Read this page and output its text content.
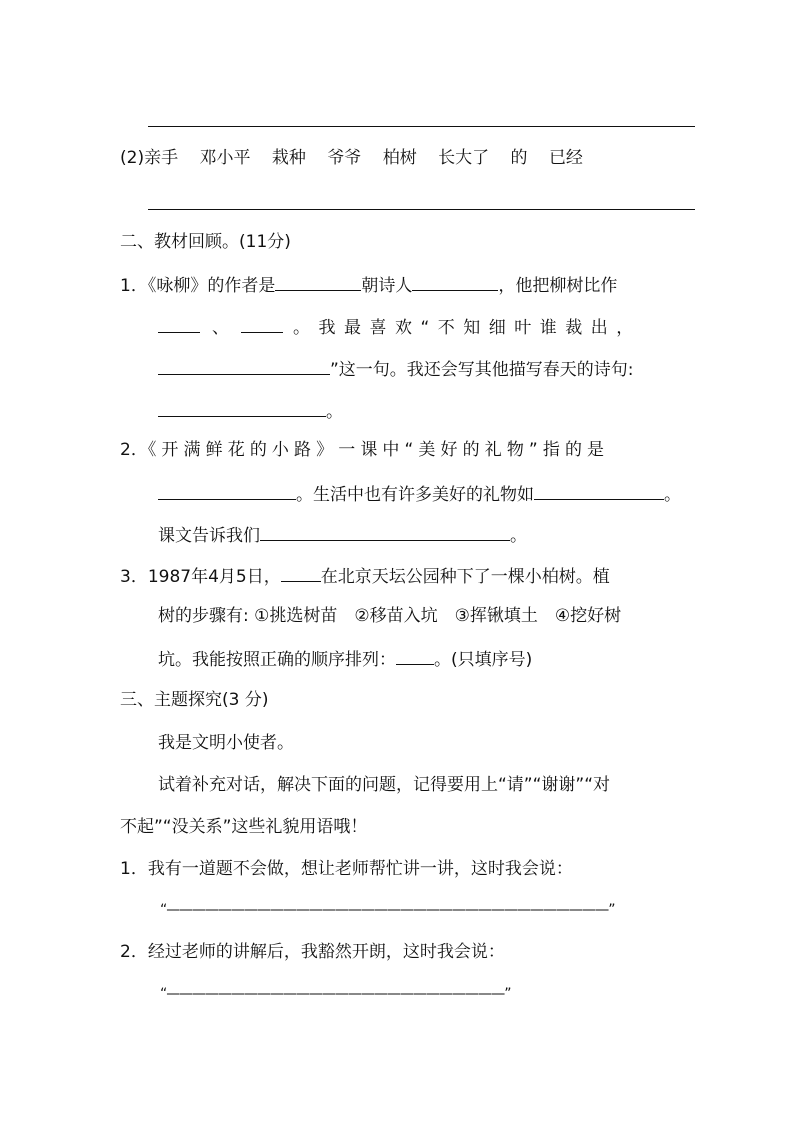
(2)亲手 邓小平 栽种 爷爷 柏树 长大了 的 已经
二、教材回顾。(11分)
1．《咏柳》的作者是	朝诗人	，他把柳树比作
、	。我最喜欢“不知细叶谁裁出，
”这一句。我还会写其他描写春天的诗句:
。
2．《开满鲜花的小路》一课中“美好的礼物”指的是
。生活中也有许多美好的礼物如	。
课文告诉我们	。
3．1987年4月5日， 在北京天坛公园种下了一棵小柏树。植
树的步骤有: ①挑选树苗　②移苗入坑　③挥锹填土　④挖好树
坑。我能按照正确的顺序排列： 。(只填序号)
三、主题探究(3 分)
我是文明小使者。
试着补充对话，解决下面的问题，记得要用上“请”“谢谢”“对
不起”“没关系”这些礼貌用语哦！
1．我有一道题不会做，想让老师帮忙讲一讲，这时我会说：
“——————————————————————————————————”
2．经过老师的讲解后，我豁然开朗，这时我会说：
“——————————————————————————”
